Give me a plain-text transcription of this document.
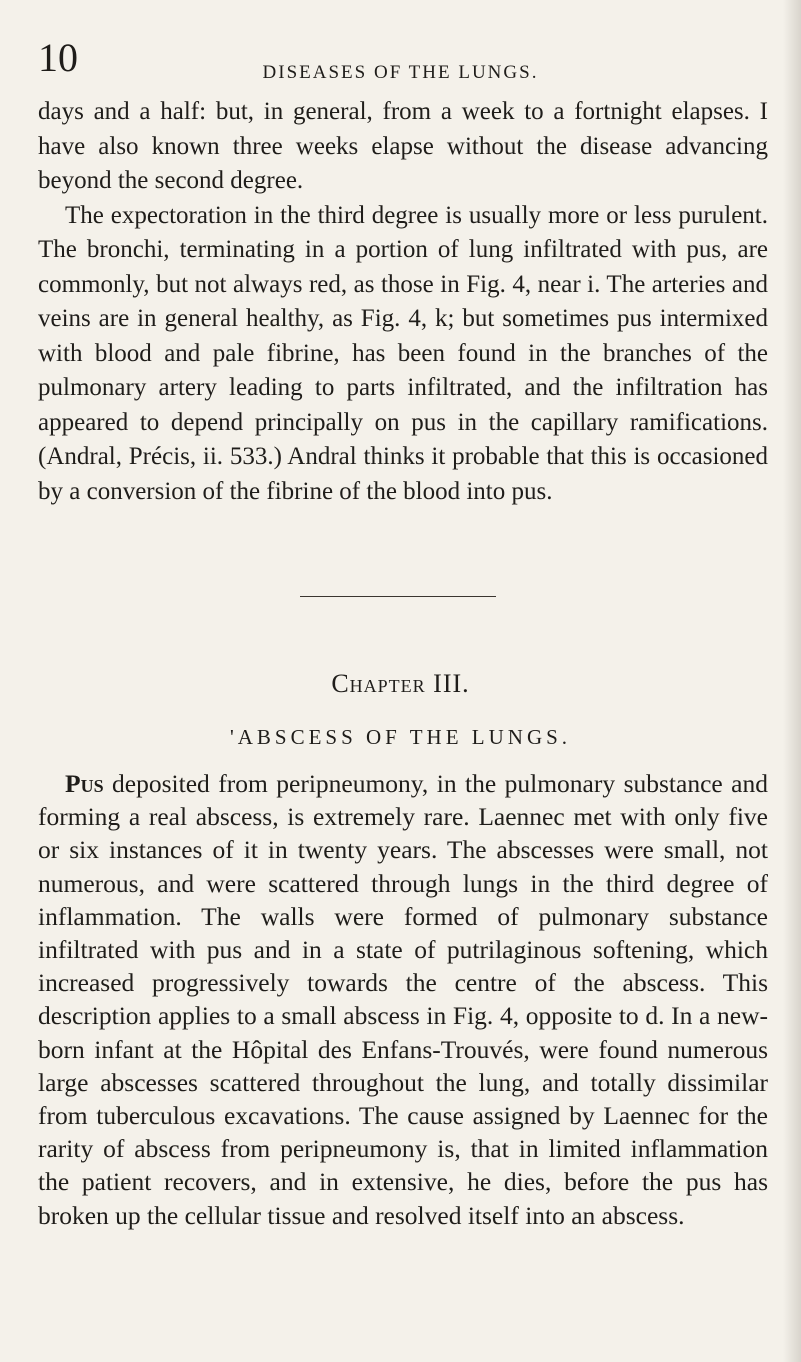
10	DISEASES OF THE LUNGS.

days and a half: but, in general, from a week to a fortnight elapses. I have also known three weeks elapse without the disease advancing beyond the second degree.

The expectoration in the third degree is usually more or less purulent. The bronchi, terminating in a portion of lung infiltrated with pus, are commonly, but not always red, as those in Fig. 4, near i. The arteries and veins are in general healthy, as Fig. 4, k; but sometimes pus intermixed with blood and pale fibrine, has been found in the branches of the pulmonary artery leading to parts infiltrated, and the infiltration has appeared to depend principally on pus in the capillary ramifications. (Andral, Précis, ii. 533.) Andral thinks it probable that this is occasioned by a conversion of the fibrine of the blood into pus.

Chapter III.
'ABSCESS OF THE LUNGS.

Pus deposited from peripneumony, in the pulmonary substance and forming a real abscess, is extremely rare. Laennec met with only five or six instances of it in twenty years. The abscesses were small, not numerous, and were scattered through lungs in the third degree of inflammation. The walls were formed of pulmonary substance infiltrated with pus and in a state of putrilaginous softening, which increased progressively towards the centre of the abscess. This description applies to a small abscess in Fig. 4, opposite to d. In a new-born infant at the Hôpital des Enfans-Trouvés, were found numerous large abscesses scattered throughout the lung, and totally dissimilar from tuberculous excavations. The cause assigned by Laennec for the rarity of abscess from peripneumony is, that in limited inflammation the patient recovers, and in extensive, he dies, before the pus has broken up the cellular tissue and resolved itself into an abscess.
